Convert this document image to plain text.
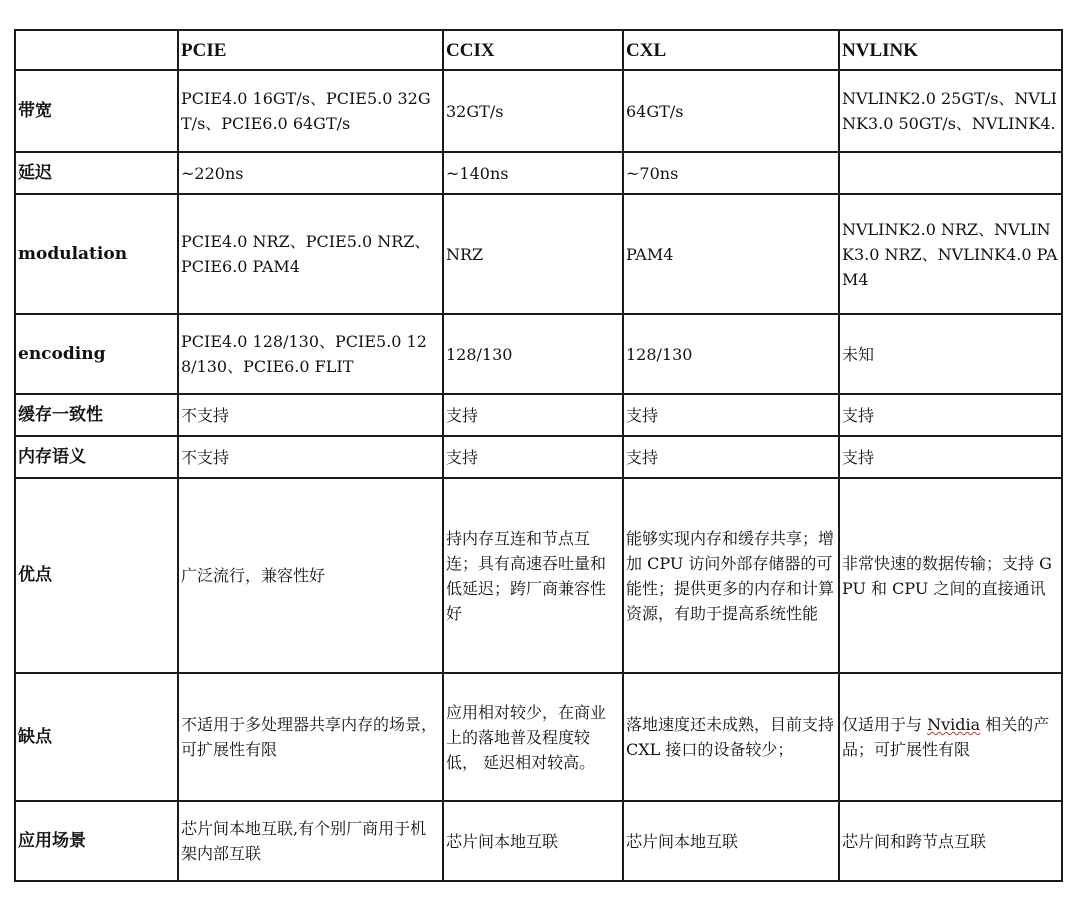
	PCIE	CCIX	CXL	NVLINK
带宽	PCIE4.0 16GT/s、PCIE5.0 32GT/s、PCIE6.0 64GT/s	32GT/s	64GT/s	NVLINK2.0 25GT/s、NVLINK3.0 50GT/s、NVLINK4.
延迟	~220ns	~140ns	~70ns	
modulation	PCIE4.0 NRZ、PCIE5.0 NRZ、PCIE6.0 PAM4	NRZ	PAM4	NVLINK2.0 NRZ、NVLINK3.0 NRZ、NVLINK4.0 PAM4
encoding	PCIE4.0 128/130、PCIE5.0 128/130、PCIE6.0 FLIT	128/130	128/130	未知
缓存一致性	不支持	支持	支持	支持
内存语义	不支持	支持	支持	支持
优点	广泛流行，兼容性好	持内存互连和节点互连；具有高速吞吐量和低延迟；跨厂商兼容性好	能够实现内存和缓存共享；增加 CPU 访问外部存储器的可能性；提供更多的内存和计算资源，有助于提高系统性能	非常快速的数据传输；支持 GPU 和 CPU 之间的直接通讯
缺点	不适用于多处理器共享内存的场景， 可扩展性有限	应用相对较少，在商业上的落地普及程度较低， 延迟相对较高。	落地速度还未成熟，目前支持 CXL 接口的设备较少；	仅适用于与 Nvidia 相关的产品；可扩展性有限
应用场景	芯片间本地互联,有个别厂商用于机架内部互联	芯片间本地互联	芯片间本地互联	芯片间和跨节点互联
